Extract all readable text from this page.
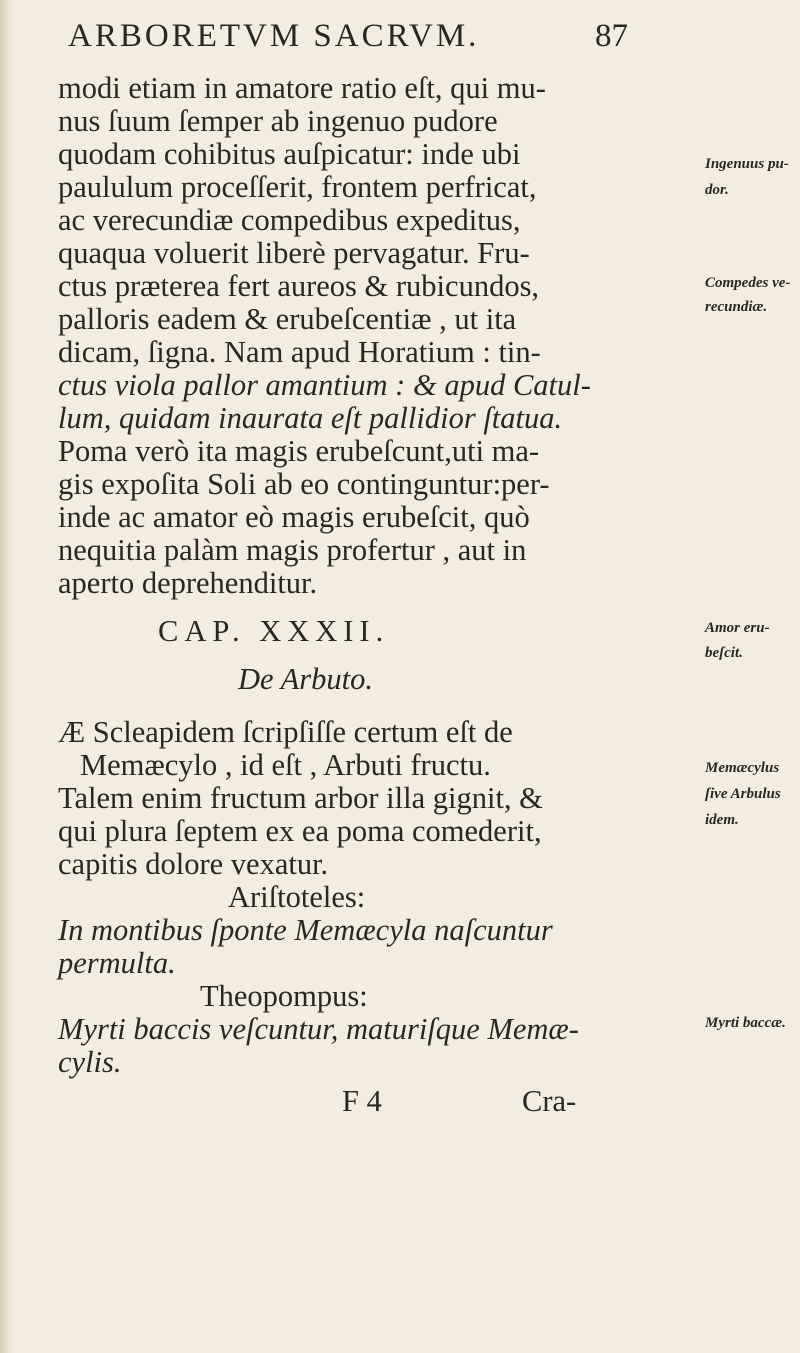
ARBORETVM SACRVM.	87
modi etiam in amatore ratio eſt, qui mu-
nus ſuum ſemper ab ingenuo pudore
quodam cohibitus auſpicatur: inde ubi
paululum proceſſerit, frontem perfricat,
ac verecundiæ compedibus expeditus,
quaqua voluerit liberè pervagatur. Fru-
ctus præterea fert aureos & rubicundos,
palloris eadem & erubeſcentiæ , ut ita
dicam, ſigna. Nam apud Horatium : tin-
ctus viola pallor amantium : & apud Catul-
lum, quidam inaurata eſt pallidior ſtatua.
Poma verò ita magis erubeſcunt,uti ma-
gis expoſita Soli ab eo continguntur:per-
inde ac amator eò magis erubeſcit, quò
nequitia palàm magis profertur , aut in
aperto deprehenditur.
CAP. XXXII.
De Arbuto.
Æ Scleapidem ſcripſiſſe certum eſt de
Memæcylo , id eſt , Arbuti fructu.
Talem enim fructum arbor illa gignit, &
qui plura ſeptem ex ea poma comederit,
capitis dolore vexatur.
Ariſtoteles:
In montibus ſponte Memæcyla naſcuntur
permulta.
Theopompus:
Myrti baccis veſcuntur, maturiſque Memæ-
cylis.
F 4	Cra-
Ingenuus pu-
dor.
Compedes ve-
recundiæ.
Amor eru-
beſcit.
Memæcylus
ſive Arbulus
idem.
Myrti baccæ.
